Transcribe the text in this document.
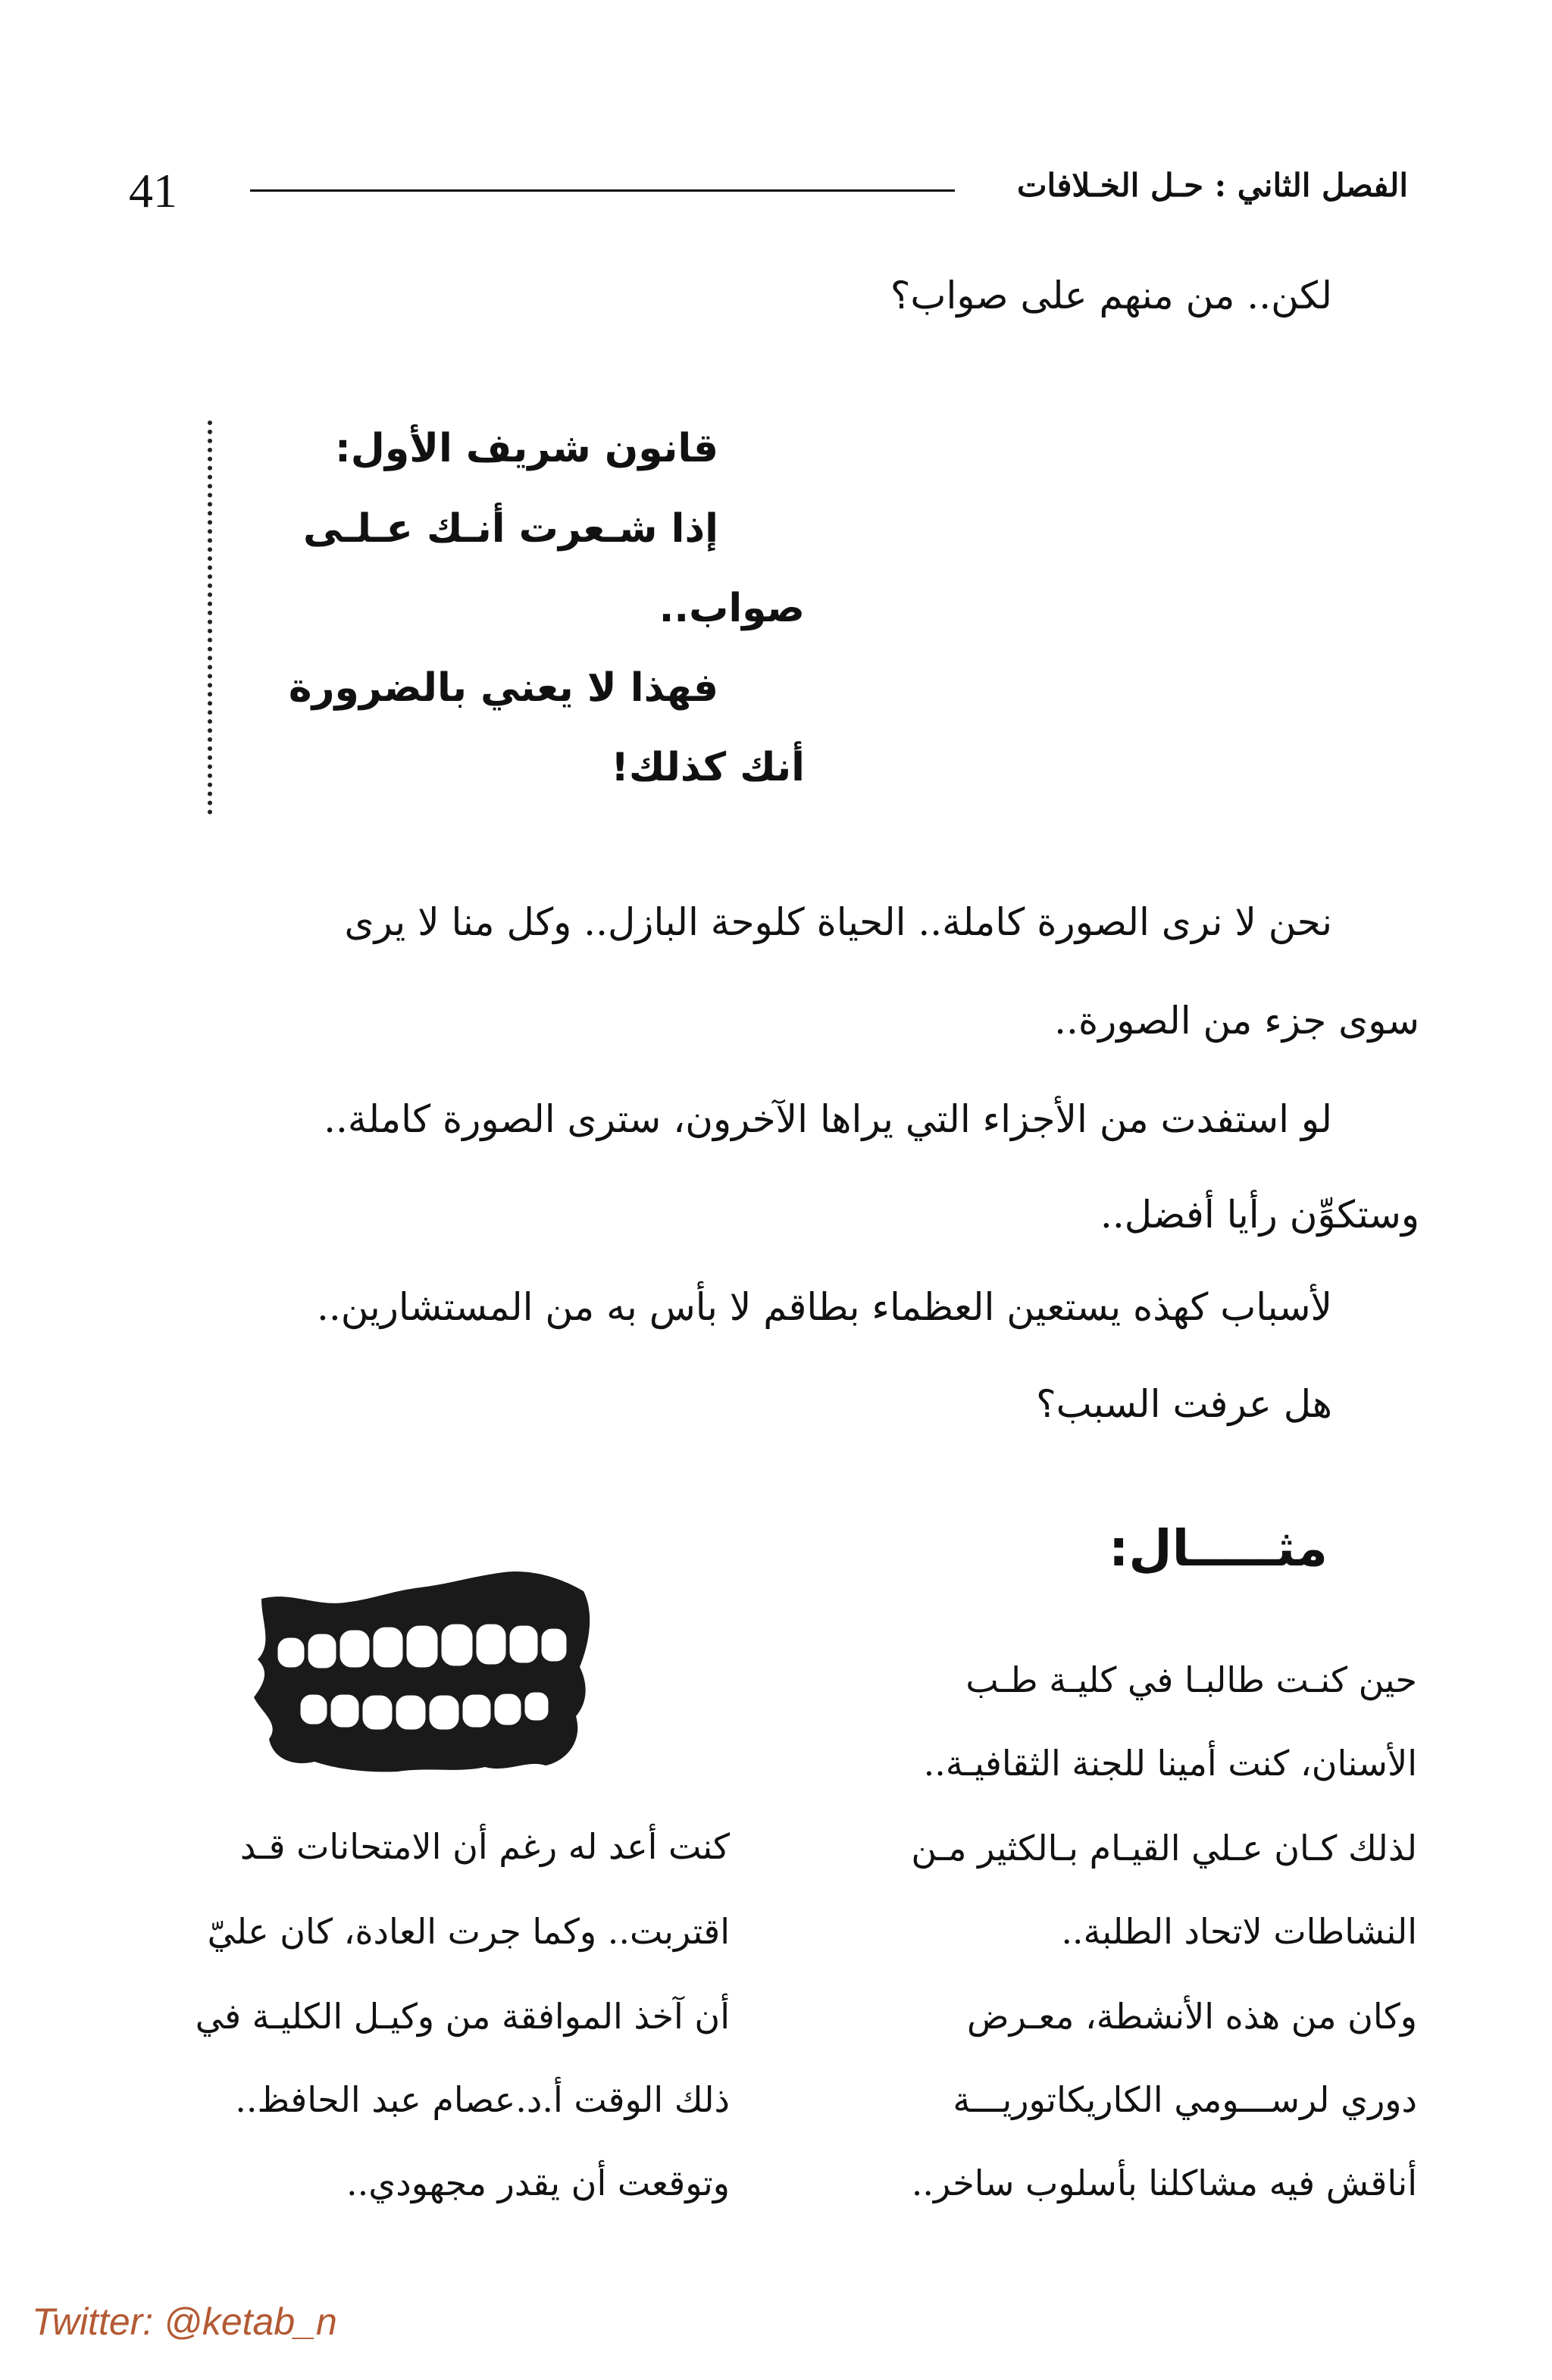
41	الفصل الثاني : حـل الخـلافات
لكن.. من منهم على صواب؟
قانون شريف الأول:
إذا شـعرت أنـك عـلـى
صواب..
فهذا لا يعني بالضرورة
أنك كذلك!
نحن لا نرى الصورة كاملة.. الحياة كلوحة البازل.. وكل منا لا يرى
سوى جزء من الصورة..
لو استفدت من الأجزاء التي يراها الآخرون، سترى الصورة كاملة..
وستكوِّن رأيا أفضل..
لأسباب كهذه يستعين العظماء بطاقم لا بأس به من المستشارين..
هل عرفت السبب؟
مثـــــال:
حين كنـت طالبـا في كليـة طـب
الأسنان، كنت أمينا للجنة الثقافيـة..
لذلك كـان عـلي القيـام بـالكثير مـن
النشاطات لاتحاد الطلبة..
وكان من هذه الأنشطة، معـرض
دوري لرســـومي الكاريكاتوريـــة
أناقش فيه مشاكلنا بأسلوب ساخر..
كنت أعد له رغم أن الامتحانات قـد
اقتربت.. وكما جرت العادة، كان عليّ
أن آخذ الموافقة من وكيـل الكليـة في
ذلك الوقت أ.د.عصام عبد الحافظ..
وتوقعت أن يقدر مجهودي..
Twitter: @ketab_n
